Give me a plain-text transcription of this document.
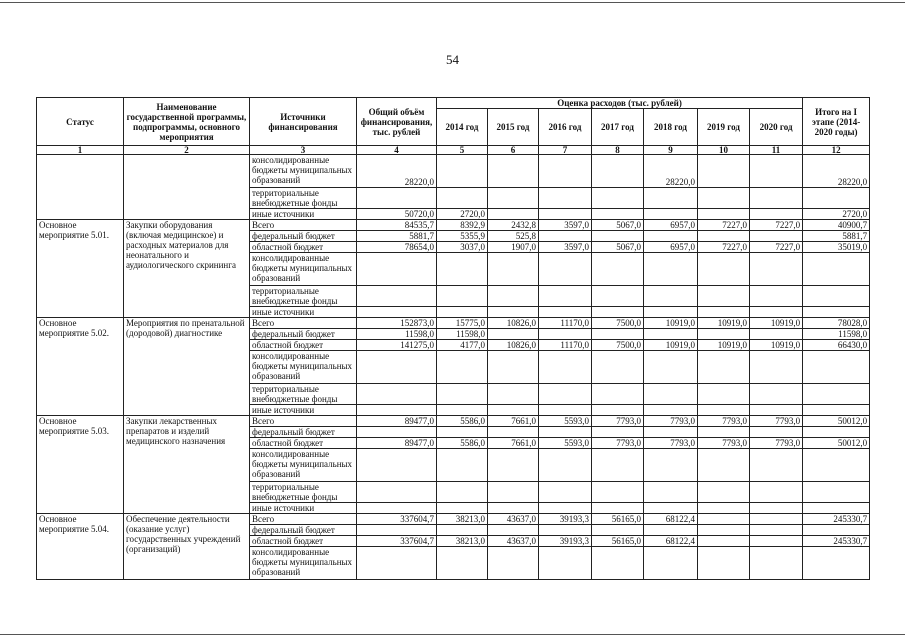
54
Статус	Наименование государственной программы, подпрограммы, основного мероприятия	Источники финансирования	Общий объём финансирования, тыс. рублей	Оценка расходов (тыс. рублей)							Итого на I этапе (2014-2020 годы)
				2014 год	2015 год	2016 год	2017 год	2018 год	2019 год	2020 год	
1	2	3	4	5	6	7	8	9	10	11	12
		консолидированные бюджеты муниципальных образований	28220,0					28220,0			28220,0
		территориальные внебюджетные фонды									
		иные источники	50720,0	2720,0							2720,0
Основное мероприятие 5.01.	Закупки оборудования (включая медицинское) и расходных материалов для неонатального и аудиологического скрининга	Всего	84535,7	8392,9	2432,8	3597,0	5067,0	6957,0	7227,0	7227,0	40900,7
		федеральный бюджет	5881,7	5355,9	525,8						5881,7
		областной бюджет	78654,0	3037,0	1907,0	3597,0	5067,0	6957,0	7227,0	7227,0	35019,0
		консолидированные бюджеты муниципальных образований									
		территориальные внебюджетные фонды									
		иные источники									
Основное мероприятие 5.02.	Мероприятия по пренатальной (дородовой) диагностике	Всего	152873,0	15775,0	10826,0	11170,0	7500,0	10919,0	10919,0	10919,0	78028,0
		федеральный бюджет	11598,0	11598,0							11598,0
		областной бюджет	141275,0	4177,0	10826,0	11170,0	7500,0	10919,0	10919,0	10919,0	66430,0
		консолидированные бюджеты муниципальных образований									
		территориальные внебюджетные фонды									
		иные источники									
Основное мероприятие 5.03.	Закупки лекарственных препаратов и изделий медицинского назначения	Всего	89477,0	5586,0	7661,0	5593,0	7793,0	7793,0	7793,0	7793,0	50012,0
		федеральный бюджет									
		областной бюджет	89477,0	5586,0	7661,0	5593,0	7793,0	7793,0	7793,0	7793,0	50012,0
		консолидированные бюджеты муниципальных образований									
		территориальные внебюджетные фонды									
		иные источники									
Основное мероприятие 5.04.	Обеспечение деятельности (оказание услуг) государственных учреждений (организаций)	Всего	337604,7	38213,0	43637,0	39193,3	56165,0	68122,4			245330,7
		федеральный бюджет									
		областной бюджет	337604,7	38213,0	43637,0	39193,3	56165,0	68122,4			245330,7
		консолидированные бюджеты муниципальных образований									
